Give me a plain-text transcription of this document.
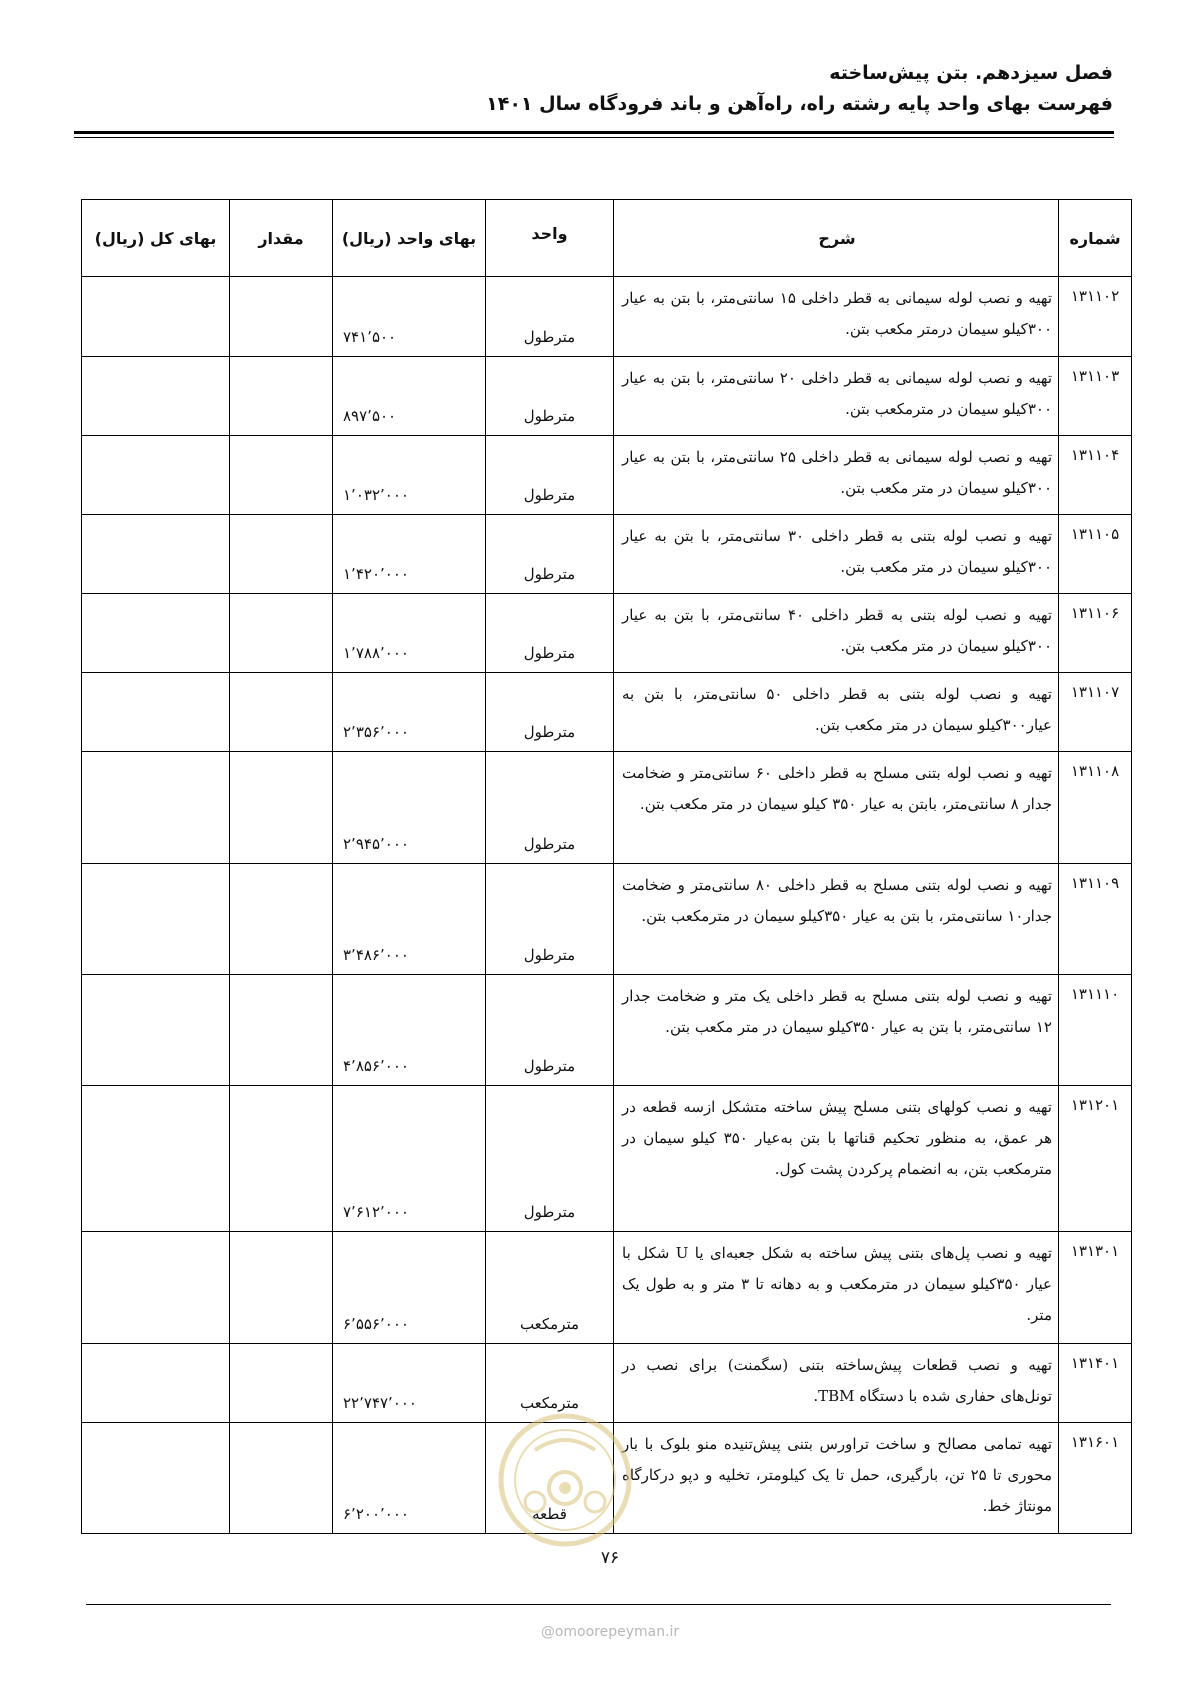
فصل سیزدهم. بتن پیش‌ساخته
فهرست بهای واحد پایه رشته راه، راه‌آهن و باند فرودگاه سال ۱۴۰۱
شماره	شرح	واحد	بهای واحد (ریال)	مقدار	بهای کل (ریال)
۱۳۱۱۰۲	تهیه و نصب لوله سیمانی به قطر داخلی ۱۵ سانتی‌متر، با بتن به عیار ۳۰۰کیلو سیمان درمتر مکعب بتن.	مترطول	۷۴۱٬۵۰۰		
۱۳۱۱۰۳	تهیه و نصب لوله سیمانی به قطر داخلی ۲۰ سانتی‌متر، با بتن به عیار ۳۰۰کیلو سیمان در مترمکعب بتن.	مترطول	۸۹۷٬۵۰۰		
۱۳۱۱۰۴	تهیه و نصب لوله سیمانی به قطر داخلی ۲۵ سانتی‌متر، با بتن به عیار ۳۰۰کیلو سیمان در متر مکعب بتن.	مترطول	۱٬۰۳۲٬۰۰۰		
۱۳۱۱۰۵	تهیه و نصب لوله بتنی به قطر داخلی ۳۰ سانتی‌متر، با بتن به عیار ۳۰۰کیلو سیمان در متر مکعب بتن.	مترطول	۱٬۴۲۰٬۰۰۰		
۱۳۱۱۰۶	تهیه و نصب لوله بتنی به قطر داخلی ۴۰ سانتی‌متر، با بتن به عیار ۳۰۰کیلو سیمان در متر مکعب بتن.	مترطول	۱٬۷۸۸٬۰۰۰		
۱۳۱۱۰۷	تهیه و نصب لوله بتنی به قطر داخلی ۵۰ سانتی‌متر، با بتن به عیار۳۰۰کیلو سیمان در متر مکعب بتن.	مترطول	۲٬۳۵۶٬۰۰۰		
۱۳۱۱۰۸	تهیه و نصب لوله بتنی مسلح به قطر داخلی ۶۰ سانتی‌متر و ضخامت جدار ۸ سانتی‌متر، بابتن به عیار ۳۵۰ کیلو سیمان در متر مکعب بتن.	مترطول	۲٬۹۴۵٬۰۰۰		
۱۳۱۱۰۹	تهیه و نصب لوله بتنی مسلح به قطر داخلی ۸۰ سانتی‌متر و ضخامت جدار۱۰ سانتی‌متر، با بتن به عیار ۳۵۰کیلو سیمان در مترمکعب بتن.	مترطول	۳٬۴۸۶٬۰۰۰		
۱۳۱۱۱۰	تهیه و نصب لوله بتنی مسلح به قطر داخلی یک متر و ضخامت جدار ۱۲ سانتی‌متر، با بتن به عیار ۳۵۰کیلو سیمان در متر مکعب بتن.	مترطول	۴٬۸۵۶٬۰۰۰		
۱۳۱۲۰۱	تهیه و نصب کولهای بتنی مسلح پیش ساخته متشکل ازسه قطعه در هر عمق، به منظور تحکیم قناتها با بتن به‌عیار ۳۵۰ کیلو سیمان در مترمکعب بتن، به انضمام پرکردن پشت کول.	مترطول	۷٬۶۱۲٬۰۰۰		
۱۳۱۳۰۱	تهیه و نصب پل‌های بتنی پیش ساخته به شکل جعبه‌ای یا U شکل با عیار ۳۵۰کیلو سیمان در مترمکعب و به دهانه تا ۳ متر و به طول یک متر.	مترمکعب	۶٬۵۵۶٬۰۰۰		
۱۳۱۴۰۱	تهیه و نصب قطعات پیش‌ساخته بتنی (سگمنت) برای نصب در تونل‌های حفاری شده با دستگاه TBM.	مترمکعب	۲۲٬۷۴۷٬۰۰۰		
۱۳۱۶۰۱	تهیه تمامی مصالح و ساخت تراورس بتنی پیش‌تنیده منو بلوک با بار محوری تا ۲۵ تن، بارگیری، حمل تا یک کیلومتر، تخلیه و دپو درکارگاه مونتاژ خط.	قطعه	۶٬۲۰۰٬۰۰۰		
۷۶
@omoorepeyman.ir
